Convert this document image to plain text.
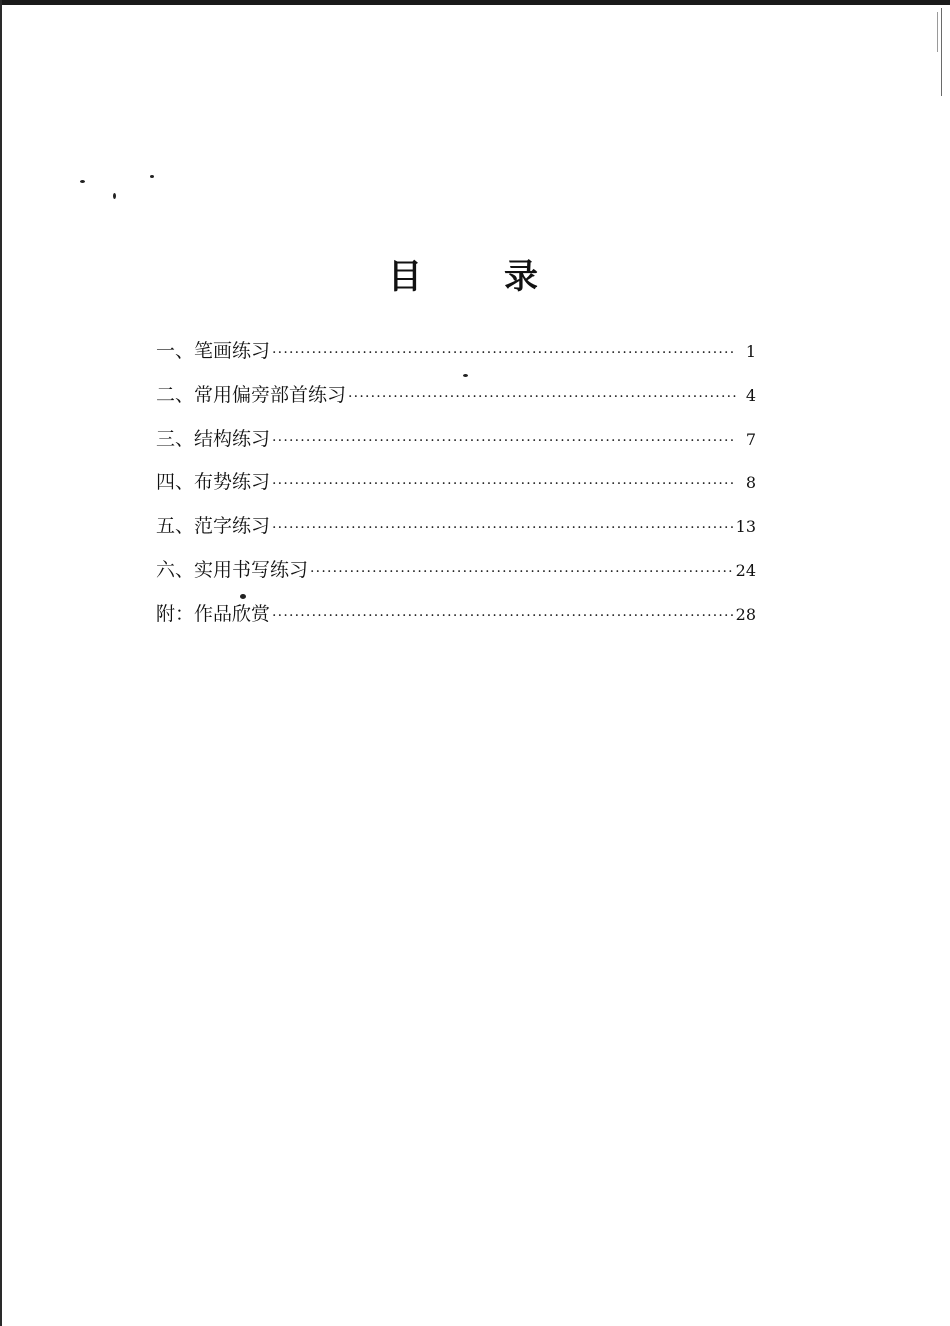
目 录
一、 笔画练习 ·····	1
二、 常用偏旁部首练习 ·····	4
三、 结构练习 ·····	7
四、 布势练习 ·····	8
五、 范字练习 ·····	13
六、 实用书写练习 ·····	24
附： 作品欣赏 ·····	28
